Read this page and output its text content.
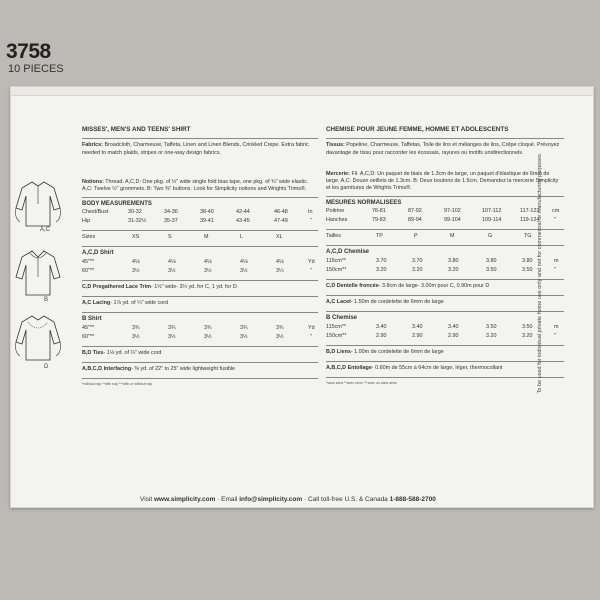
3758
10 PIECES
A,C
B
D

MISSES', MEN'S AND TEENS' SHIRT

Fabrics: Broadcloth, Charmeuse, Taffeta, Linen and Linen Blends, Crinkled Crepe. Extra fabric needed to match plaids, stripes or one-way design fabrics.

Notions: Thread. A,C,D: One pkg. of ½" wide single fold bias tape, one pkg. of ¾" wide elastic. A,C: Twelve ½" grommets. B: Two ⅜" buttons. Look for Simplicity notions and Wrights Trims®.

BODY MEASUREMENTS
Chest/Bust	30-32	34-36	38-40	42-44	46-48	In
Hip	31-32½	35-37	39-41	43-45	47-49	"
Sizes	XS	S	M	L	XL
A,C,D Shirt
45"**	4⅛	4⅛	4⅛	4⅛	4⅛	Yd
60"**	3½	3½	3½	3½	3¼	"
C,D Pregathered Lace Trim- 1½" wide- 3¼ yd. for C, 1 yd. for D
A,C Lacing- 1⅞ yd. of ¼" wide cord
B Shirt
45"**	3¾	3¾	3¾	3¾	3¾	Yd
60"**	3½	3½	3½	3½	3½	"
B,D Ties- 1⅛ yd. of ¼" wide cord
A,B,C,D Interfacing- ⅜ yd. of 22" to 25" wide lightweight fusible
*without nap **with nap ***with or without nap

CHEMISE POUR JEUNE FEMME, HOMME ET ADOLESCENTS

Tissus: Popeline, Charmeuse, Taffetas, Toile de lins et mélanges de lins, Crêpe cloqué. Prévoyez davantage de tissu pour raccorder les écossais, rayures ou motifs unidirectionnels.

Mercerie: Fil. A,C,D: Un paquet de biais de 1.3cm de large, un paquet d'élastique de 6mm de large. A,C: Douze oeillets de 1.3cm. B: Deux boutons de 1.5cm. Demandez la mercerie Simplicity et les garnitures de Wrights Trims®.

MESURES NORMALISEES
Poitrine	76-81	87-92	97-102	107-112	117-122 cm
Hanches	79-83	89-94	99-104	109-114	119-124	"
Tailles	TP	P	M	G	TG
A,C,D Chemise
115cm**	3.70	3.70	3.80	3.80	3.80	m
150cm**	3.20	3.20	3.20	3.50	3.50	"
C,D Dentelle froncée- 3.8cm de large- 3.00m pour C, 0.90m pour D
A,C Lacet- 1.50m de cordelette de 6mm de large
B Chemise
115cm**	3.40	3.40	3.40	3.50	3.50	m
150cm**	2.90	2.90	2.90	3.20	3.20	"
B,D Liens- 1.00m de cordelette de 6mm de large
A,B,C,D Entoilage- 0.60m de 55cm à 64cm de large, léger, thermocollant
*sans sens **avec sens ***avec ou sans sens	To be used for individual private home use only and not for commercial or manufacturing purposes.
Visit www.simplicity.com · Email info@simplicity.com · Call toll-free U.S. & Canada 1-888-588-2700
